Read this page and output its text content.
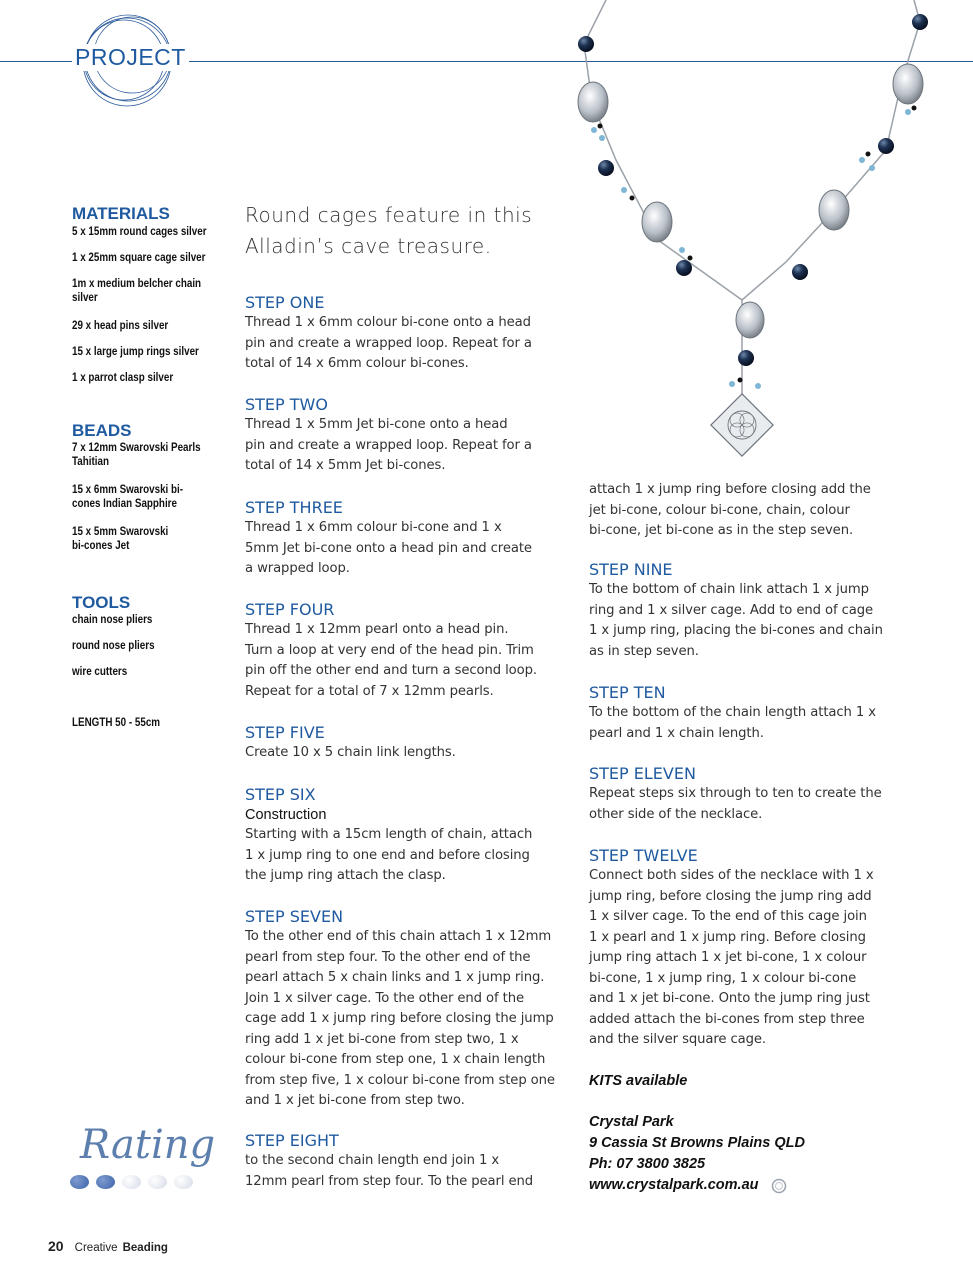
PROJECT
MATERIALS
5 x 15mm round cages silver
1 x 25mm square cage silver
1m x medium belcher chain silver
29 x head pins silver
15 x large jump rings silver
1 x parrot clasp silver
BEADS
7 x 12mm Swarovski Pearls Tahitian
15 x 6mm Swarovski bi-cones Indian Sapphire
15 x 5mm Swarovski bi-cones Jet
TOOLS
chain nose pliers
round nose pliers
wire cutters
LENGTH 50 - 55cm
Round cages feature in this
Alladin’s cave treasure.
STEP ONE
Thread 1 x 6mm colour bi-cone onto a head
pin and create a wrapped loop. Repeat for a
total of 14 x 6mm colour bi-cones.
STEP TWO
Thread 1 x 5mm Jet bi-cone onto a head
pin and create a wrapped loop. Repeat for a
total of 14 x 5mm Jet bi-cones.
STEP THREE
Thread 1 x 6mm colour bi-cone and 1 x
5mm Jet bi-cone onto a head pin and create
a wrapped loop.
STEP FOUR
Thread 1 x 12mm pearl onto a head pin.
Turn a loop at very end of the head pin. Trim
pin off the other end and turn a second loop.
Repeat for a total of 7 x 12mm pearls.
STEP FIVE
Create 10 x 5 chain link lengths.
STEP SIX
Construction
Starting with a 15cm length of chain, attach
1 x jump ring to one end and before closing
the jump ring attach the clasp.
STEP SEVEN
To the other end of this chain attach 1 x 12mm
pearl from step four. To the other end of the
pearl attach 5 x chain links and 1 x jump ring.
Join 1 x silver cage. To the other end of the
cage add 1 x jump ring before closing the jump
ring add 1 x jet bi-cone from step two, 1 x
colour bi-cone from step one, 1 x chain length
from step five, 1 x colour bi-cone from step one
and 1 x jet bi-cone from step two.
STEP EIGHT
to the second chain length end join 1 x
12mm pearl from step four. To the pearl end
attach 1 x jump ring before closing add the
jet bi-cone, colour bi-cone, chain, colour
bi-cone, jet bi-cone as in the step seven.
STEP NINE
To the bottom of chain link attach 1 x jump
ring and 1 x silver cage. Add to end of cage
1 x jump ring, placing the bi-cones and chain
as in step seven.
STEP TEN
To the bottom of the chain length attach 1 x
pearl and 1 x chain length.
STEP ELEVEN
Repeat steps six through to ten to create the
other side of the necklace.
STEP TWELVE
Connect both sides of the necklace with 1 x
jump ring, before closing the jump ring add
1 x silver cage. To the end of this cage join
1 x pearl and 1 x jump ring. Before closing
jump ring attach 1 x jet bi-cone, 1 x colour
bi-cone, 1 x jump ring, 1 x colour bi-cone
and 1 x jet bi-cone. Onto the jump ring just
added attach the bi-cones from step three
and the silver square cage.
KITS available
Crystal Park
9 Cassia St Browns Plains QLD
Ph: 07 3800 3825
www.crystalpark.com.au
Rating
20 Creative Beading
